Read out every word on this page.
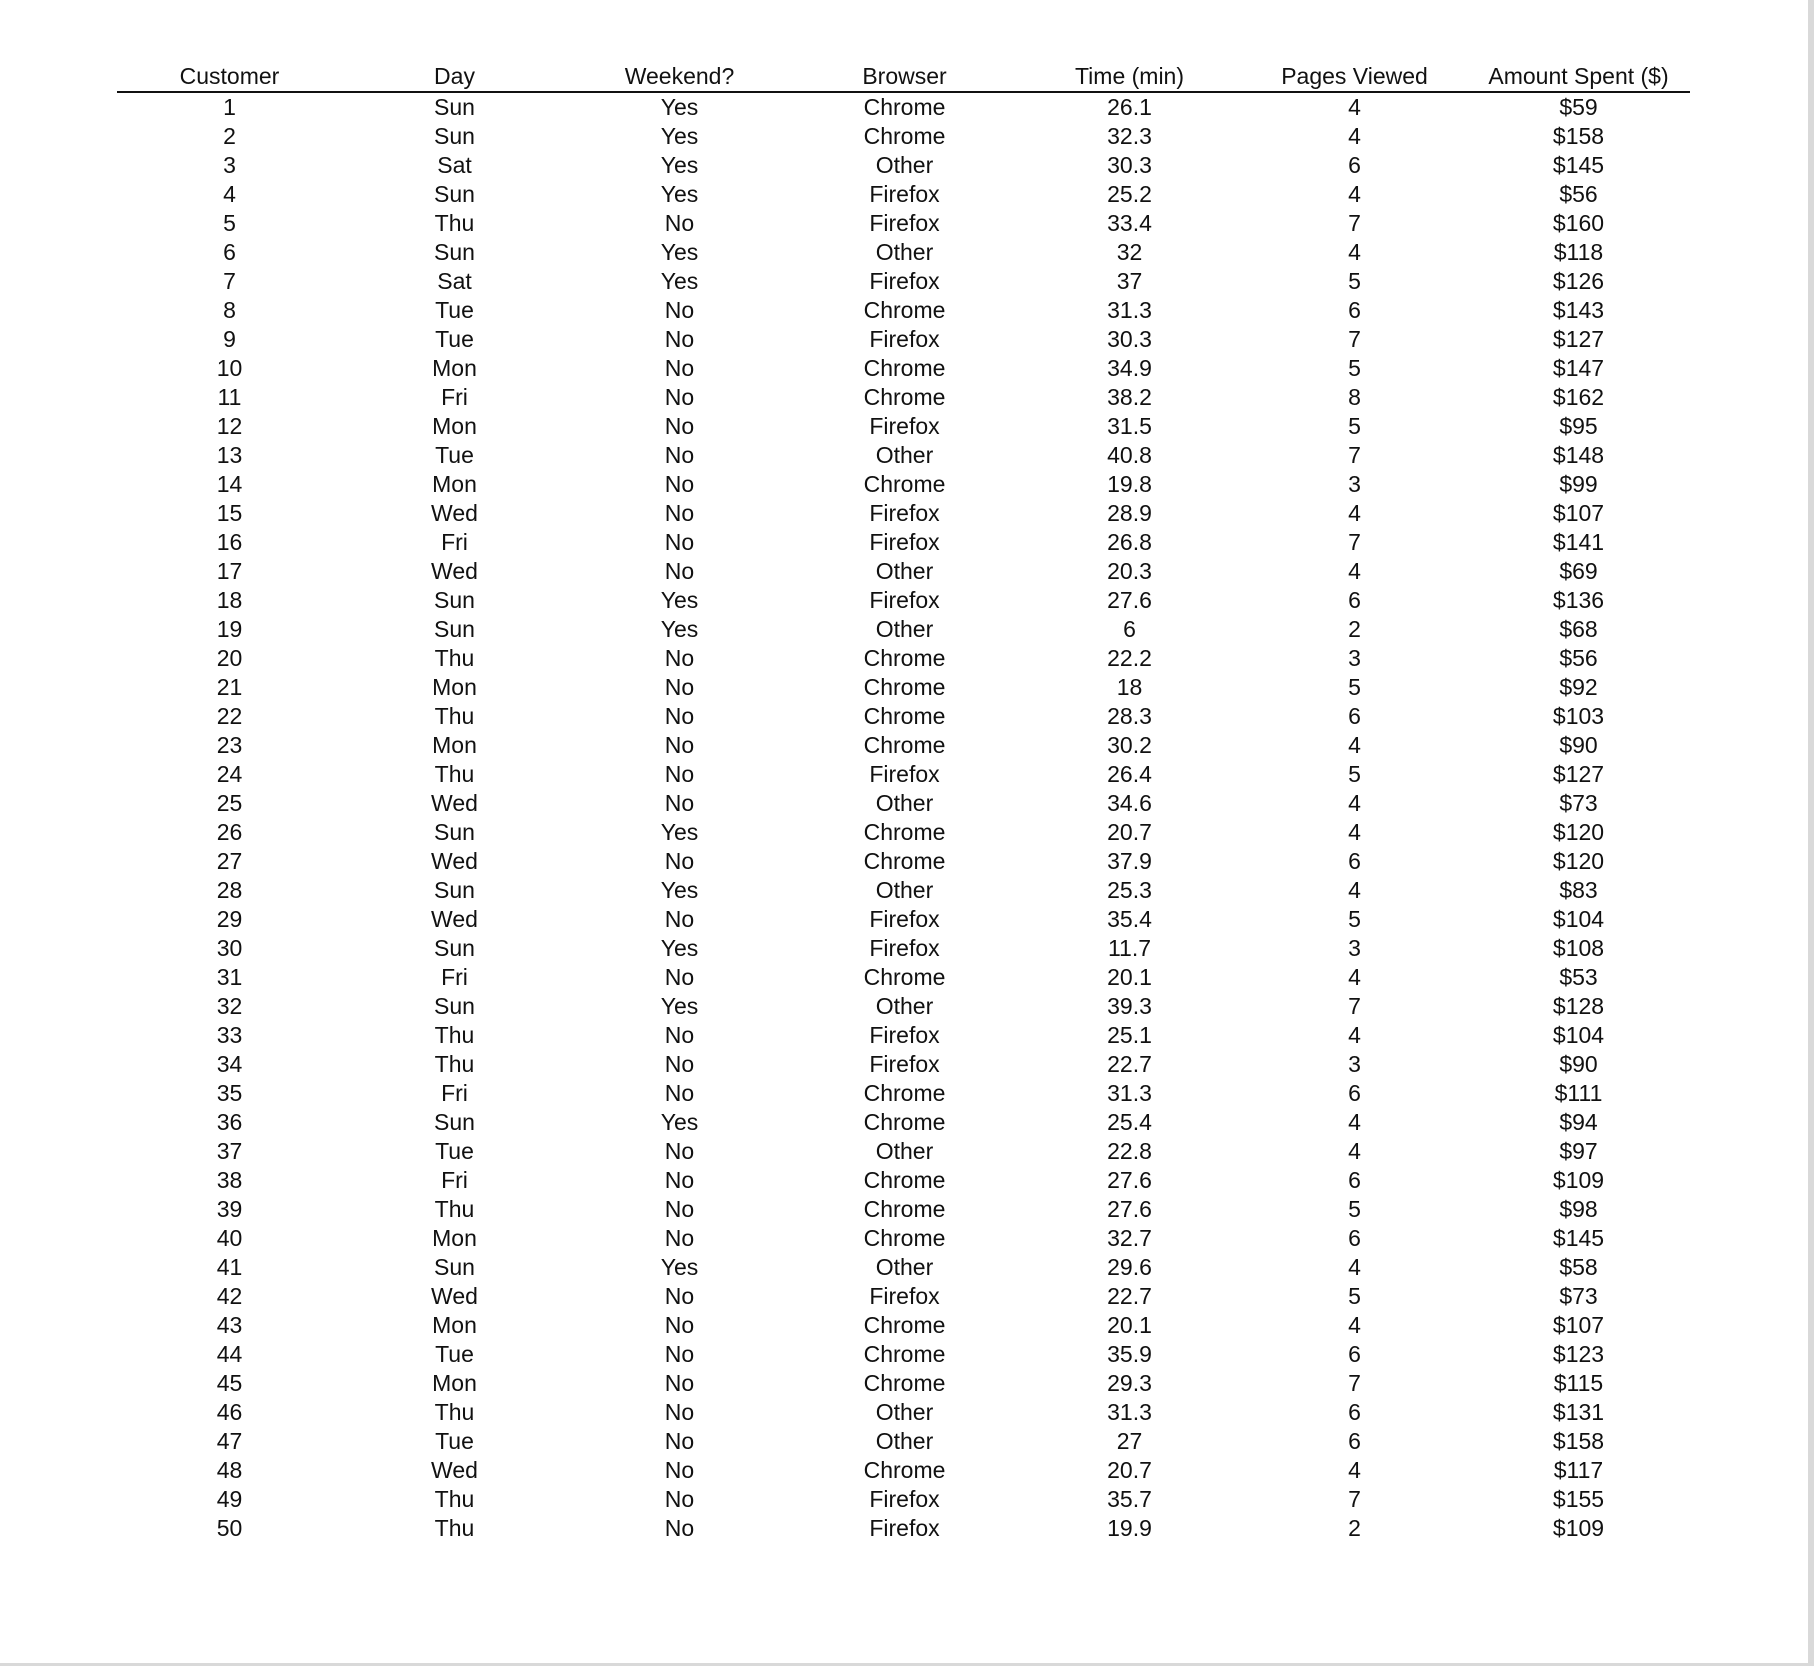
Customer	Day	Weekend?	Browser	Time (min)	Pages Viewed	Amount Spent ($)
1	Sun	Yes	Chrome	26.1	4	$59
2	Sun	Yes	Chrome	32.3	4	$158
3	Sat	Yes	Other	30.3	6	$145
4	Sun	Yes	Firefox	25.2	4	$56
5	Thu	No	Firefox	33.4	7	$160
6	Sun	Yes	Other	32	4	$118
7	Sat	Yes	Firefox	37	5	$126
8	Tue	No	Chrome	31.3	6	$143
9	Tue	No	Firefox	30.3	7	$127
10	Mon	No	Chrome	34.9	5	$147
11	Fri	No	Chrome	38.2	8	$162
12	Mon	No	Firefox	31.5	5	$95
13	Tue	No	Other	40.8	7	$148
14	Mon	No	Chrome	19.8	3	$99
15	Wed	No	Firefox	28.9	4	$107
16	Fri	No	Firefox	26.8	7	$141
17	Wed	No	Other	20.3	4	$69
18	Sun	Yes	Firefox	27.6	6	$136
19	Sun	Yes	Other	6	2	$68
20	Thu	No	Chrome	22.2	3	$56
21	Mon	No	Chrome	18	5	$92
22	Thu	No	Chrome	28.3	6	$103
23	Mon	No	Chrome	30.2	4	$90
24	Thu	No	Firefox	26.4	5	$127
25	Wed	No	Other	34.6	4	$73
26	Sun	Yes	Chrome	20.7	4	$120
27	Wed	No	Chrome	37.9	6	$120
28	Sun	Yes	Other	25.3	4	$83
29	Wed	No	Firefox	35.4	5	$104
30	Sun	Yes	Firefox	11.7	3	$108
31	Fri	No	Chrome	20.1	4	$53
32	Sun	Yes	Other	39.3	7	$128
33	Thu	No	Firefox	25.1	4	$104
34	Thu	No	Firefox	22.7	3	$90
35	Fri	No	Chrome	31.3	6	$111
36	Sun	Yes	Chrome	25.4	4	$94
37	Tue	No	Other	22.8	4	$97
38	Fri	No	Chrome	27.6	6	$109
39	Thu	No	Chrome	27.6	5	$98
40	Mon	No	Chrome	32.7	6	$145
41	Sun	Yes	Other	29.6	4	$58
42	Wed	No	Firefox	22.7	5	$73
43	Mon	No	Chrome	20.1	4	$107
44	Tue	No	Chrome	35.9	6	$123
45	Mon	No	Chrome	29.3	7	$115
46	Thu	No	Other	31.3	6	$131
47	Tue	No	Other	27	6	$158
48	Wed	No	Chrome	20.7	4	$117
49	Thu	No	Firefox	35.7	7	$155
50	Thu	No	Firefox	19.9	2	$109
